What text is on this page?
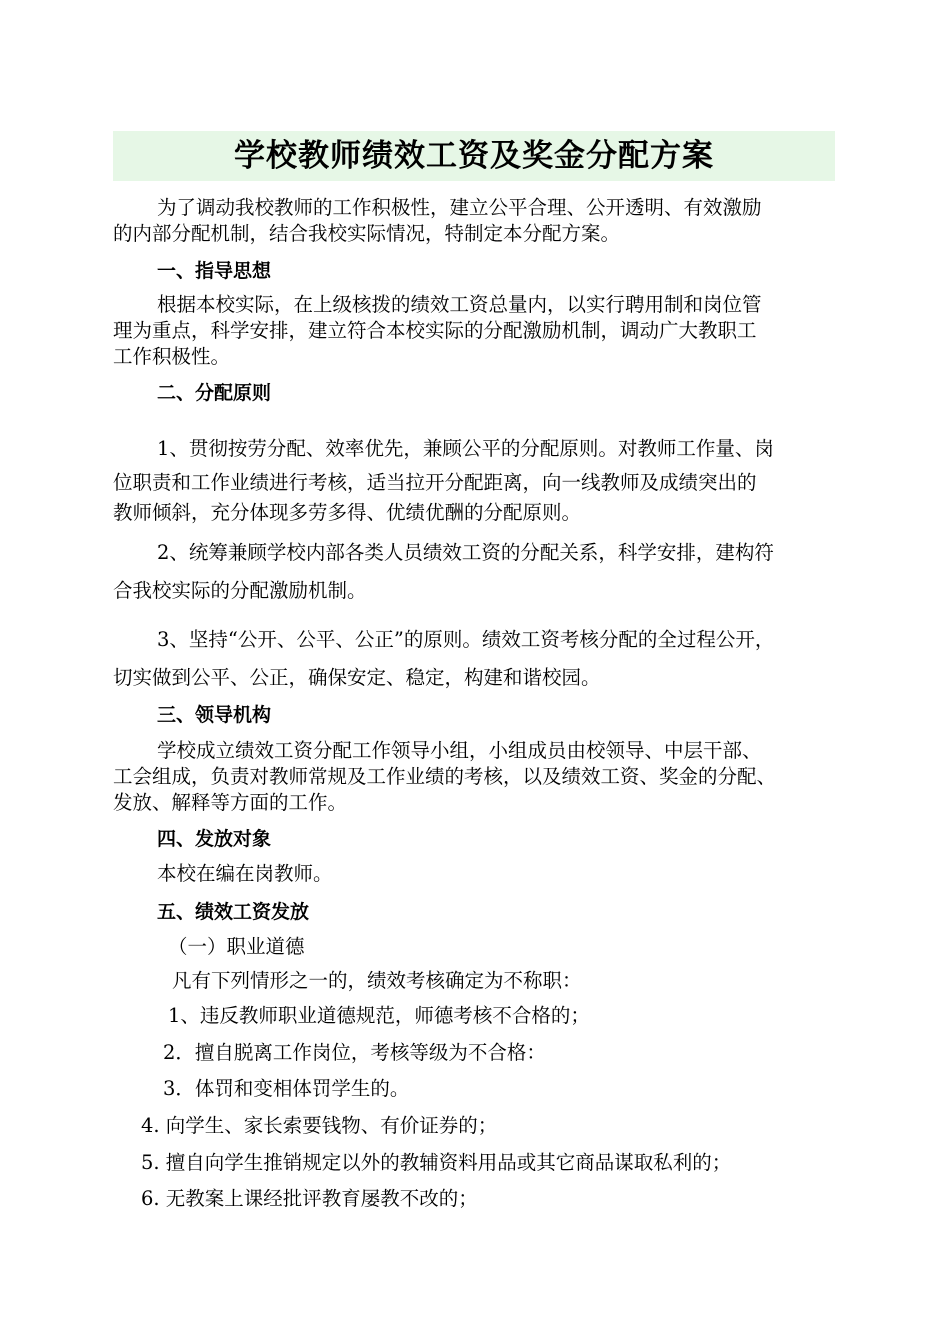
学校教师绩效工资及奖金分配方案
为了调动我校教师的工作积极性，建立公平合理、公开透明、有效激励
的内部分配机制，结合我校实际情况，特制定本分配方案。
一、指导思想
根据本校实际，在上级核拨的绩效工资总量内，以实行聘用制和岗位管
理为重点，科学安排，建立符合本校实际的分配激励机制，调动广大教职工
工作积极性。
二、分配原则
1、贯彻按劳分配、效率优先，兼顾公平的分配原则。对教师工作量、岗
位职责和工作业绩进行考核，适当拉开分配距离，向一线教师及成绩突出的
教师倾斜，充分体现多劳多得、优绩优酬的分配原则。
2、统筹兼顾学校内部各类人员绩效工资的分配关系，科学安排，建构符
合我校实际的分配激励机制。
3、坚持“公开、公平、公正”的原则。绩效工资考核分配的全过程公开，
切实做到公平、公正，确保安定、稳定，构建和谐校园。
三、领导机构
学校成立绩效工资分配工作领导小组，小组成员由校领导、中层干部、
工会组成，负责对教师常规及工作业绩的考核，以及绩效工资、奖金的分配、
发放、解释等方面的工作。
四、发放对象
本校在编在岗教师。
五、绩效工资发放
（一）职业道德
凡有下列情形之一的，绩效考核确定为不称职：
1、违反教师职业道德规范，师德考核不合格的；
2．擅自脱离工作岗位，考核等级为不合格：
3．体罚和变相体罚学生的。
4. 向学生、家长索要钱物、有价证券的；
5. 擅自向学生推销规定以外的教辅资料用品或其它商品谋取私利的；
6. 无教案上课经批评教育屡教不改的；
